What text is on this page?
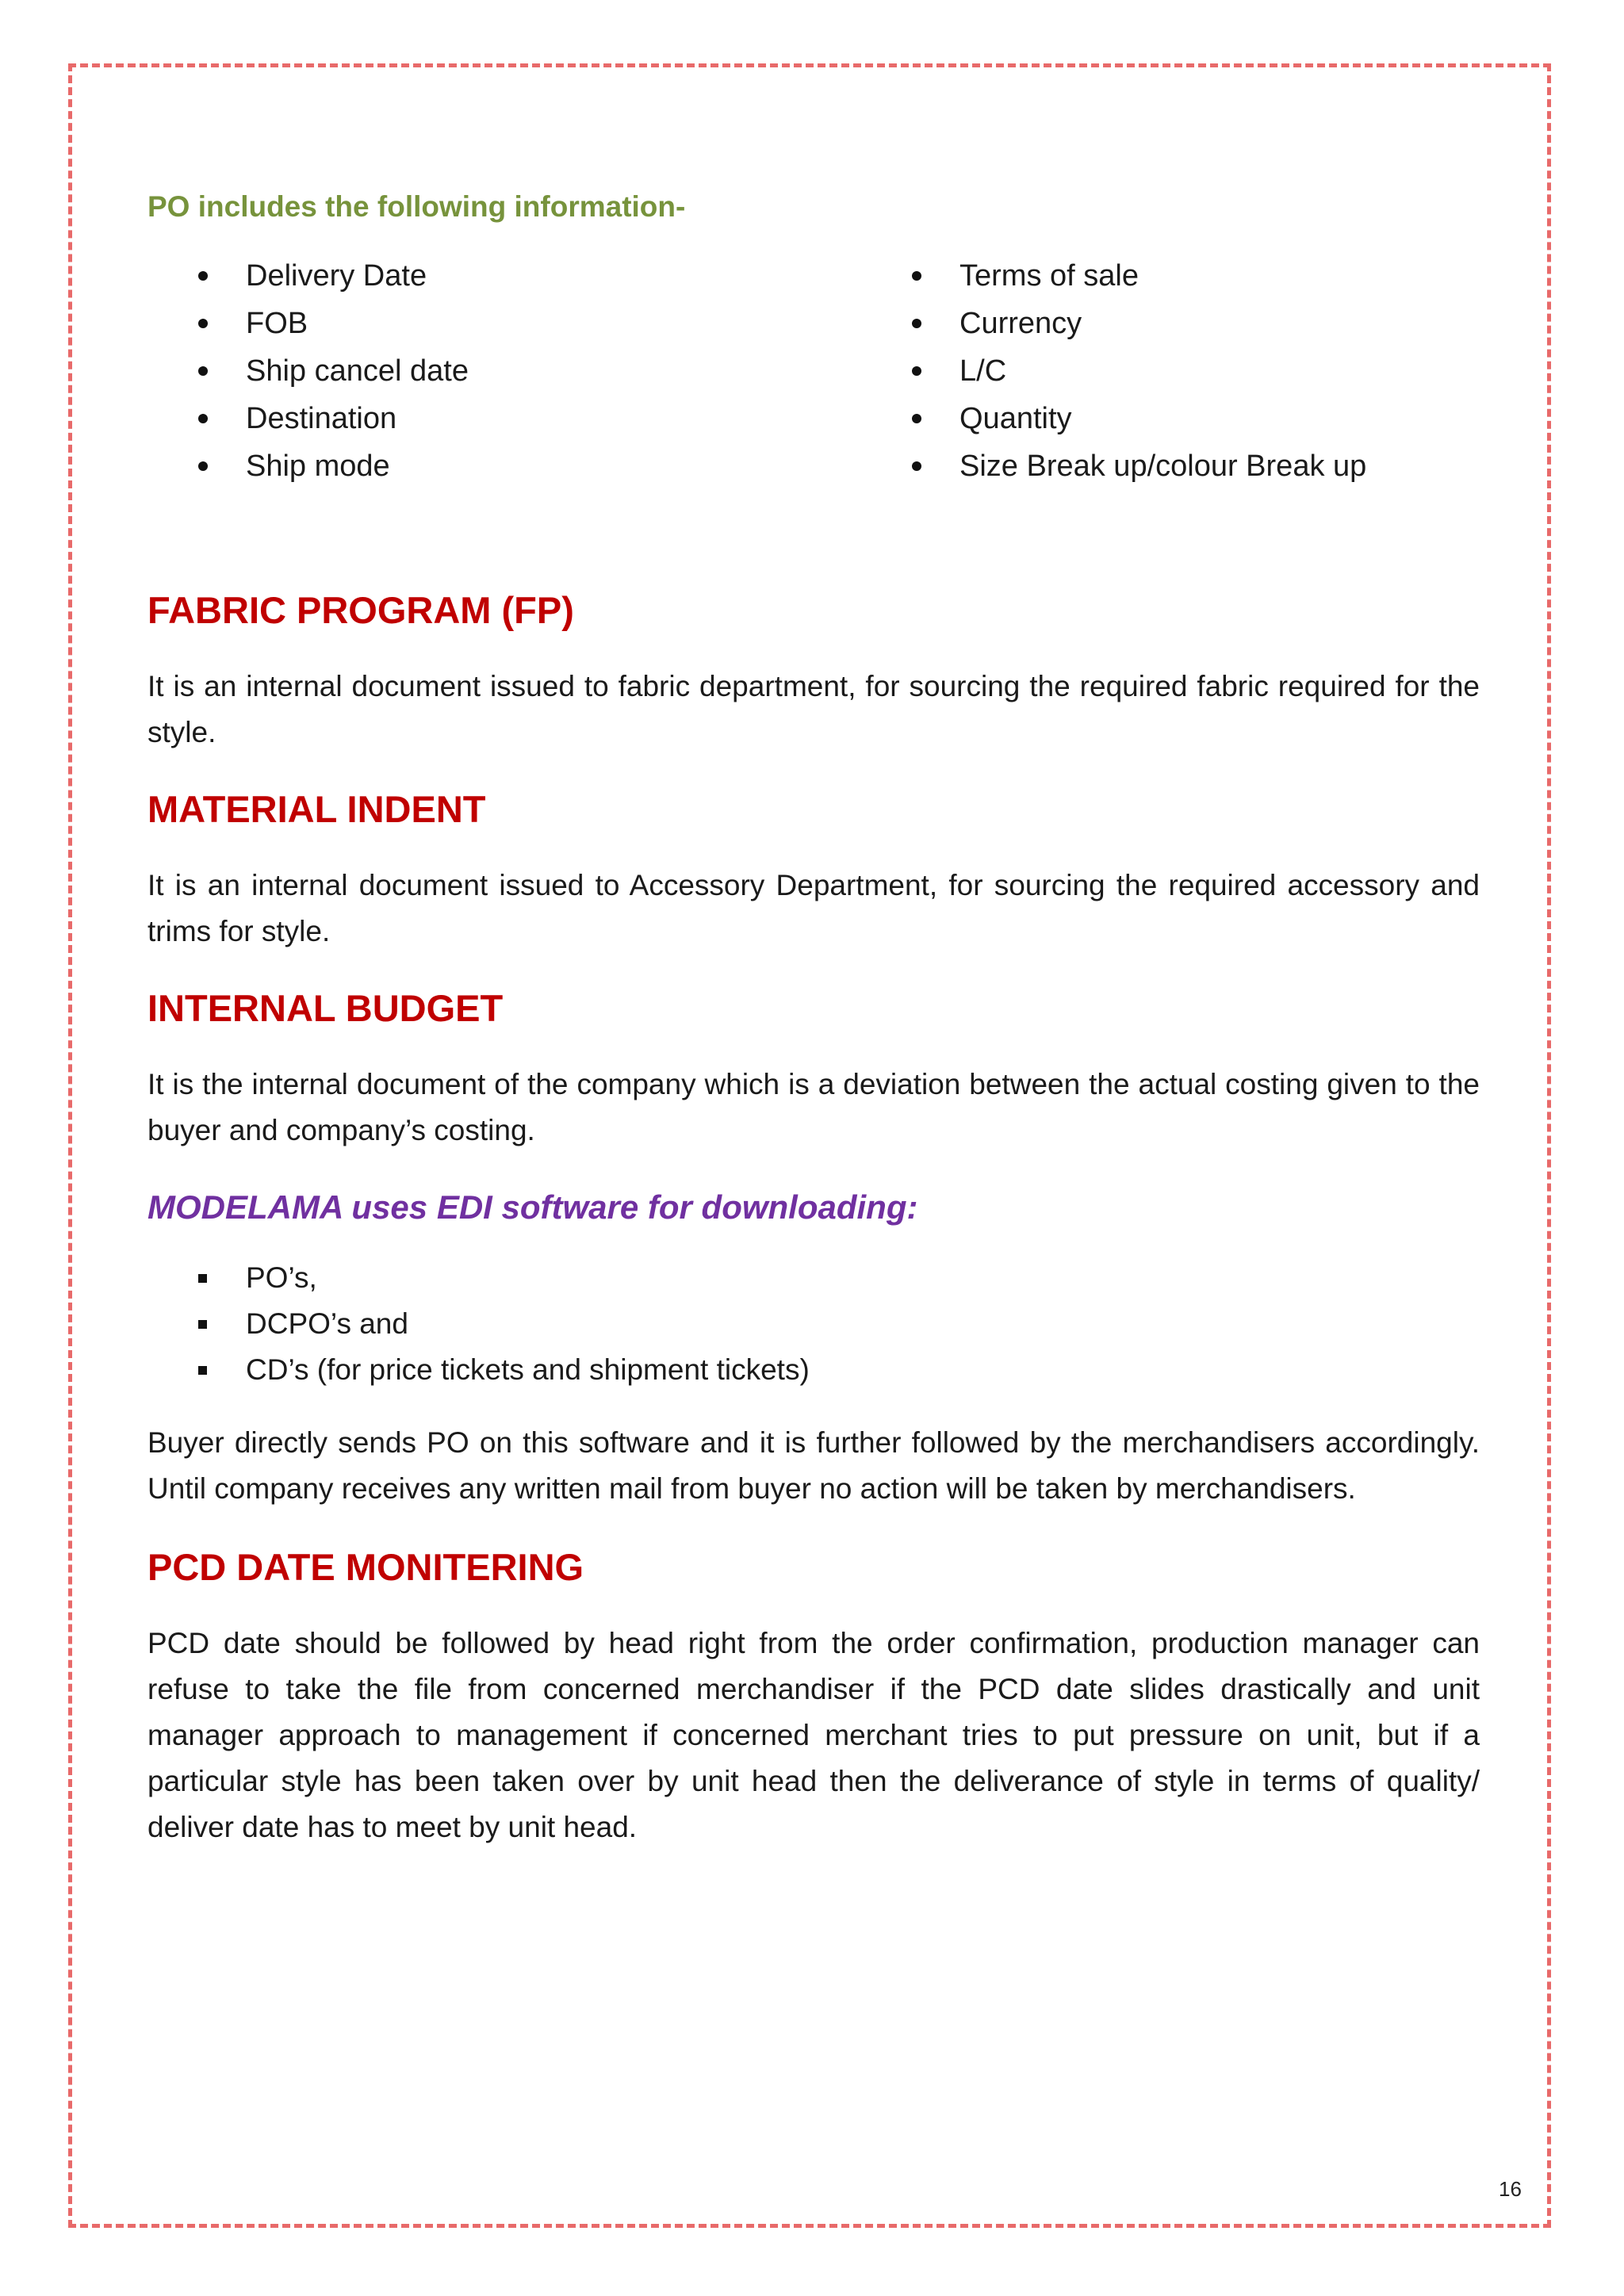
PO includes the following information-

Delivery Date
FOB
Ship cancel date
Destination
Ship mode
Terms of sale
Currency
L/C
Quantity
Size Break up/colour Break up
FABRIC PROGRAM (FP)

It is an internal document issued to fabric department, for sourcing the required fabric required for the style.

MATERIAL INDENT

It is an internal document issued to Accessory Department, for sourcing the required accessory and trims for style.

INTERNAL BUDGET

It is the internal document of the company which is a deviation between the actual costing given to the buyer and company’s costing.

MODELAMA uses EDI software for downloading:
PO’s,
DCPO’s and
CD’s (for price tickets and shipment tickets)

Buyer directly sends PO on this software and it is further followed by the merchandisers accordingly. Until company receives any written mail from buyer no action will be taken by merchandisers.

PCD DATE MONITERING

PCD date should be followed by head right from the order confirmation, production manager can refuse to take the file from concerned merchandiser if the PCD date slides drastically and unit manager approach to management if concerned merchant tries to put pressure on unit, but if a particular style has been taken over by unit head then the deliverance of style in terms of quality/ deliver date has to meet by unit head.

16
